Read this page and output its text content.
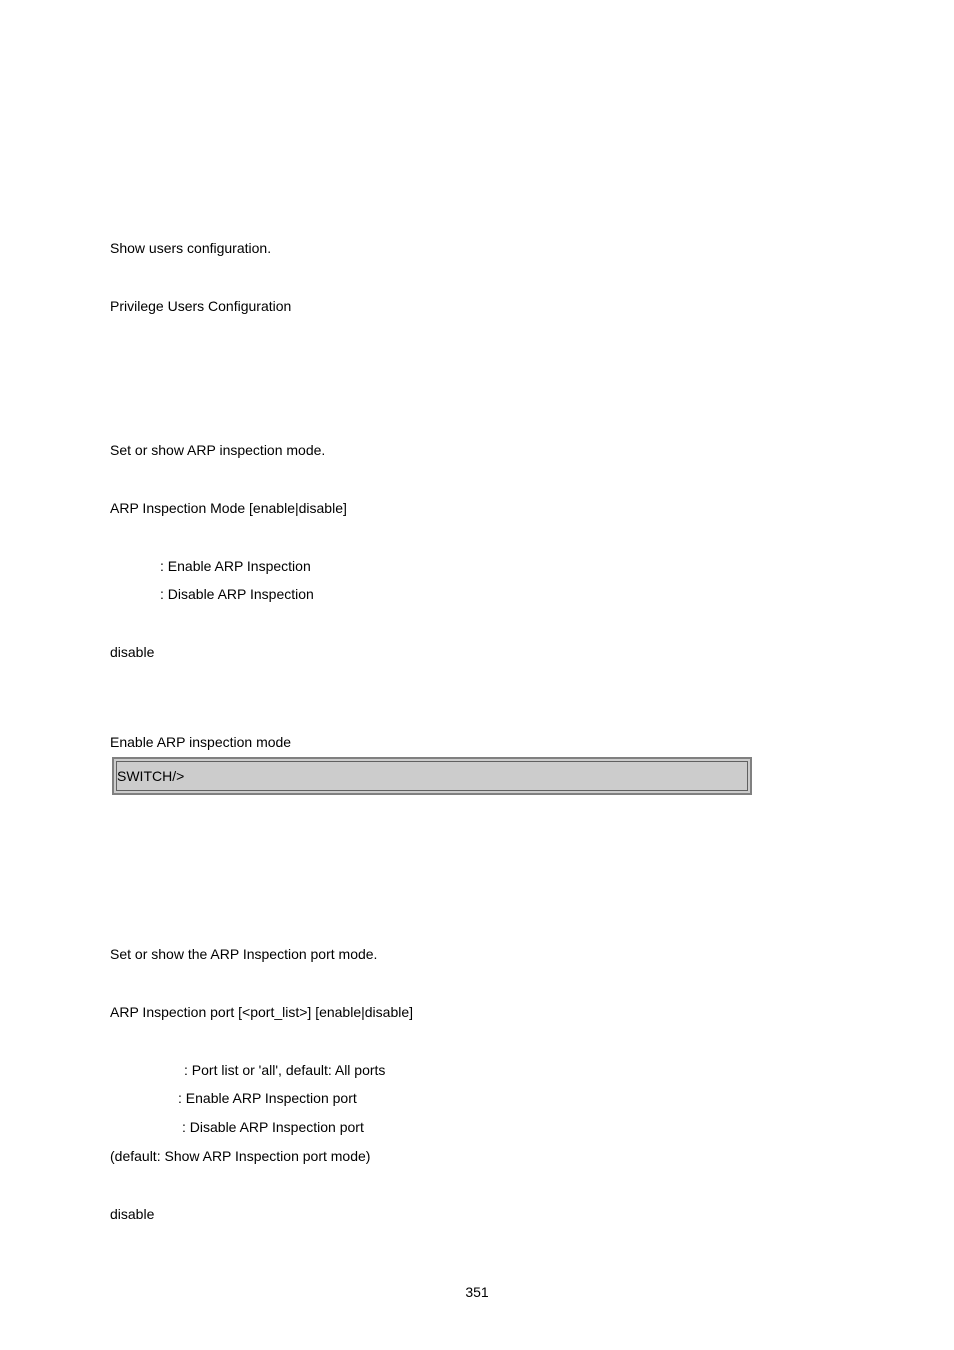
Show users configuration.
Privilege Users Configuration
Set or show ARP inspection mode.
ARP Inspection Mode [enable|disable]
: Enable ARP Inspection
: Disable ARP Inspection
disable
Enable ARP inspection mode
SWITCH/>
Set or show the ARP Inspection port mode.
ARP Inspection port [<port_list>] [enable|disable]
: Port list or 'all', default: All ports
: Enable ARP Inspection port
: Disable ARP Inspection port
(default: Show ARP Inspection port mode)
disable
351
